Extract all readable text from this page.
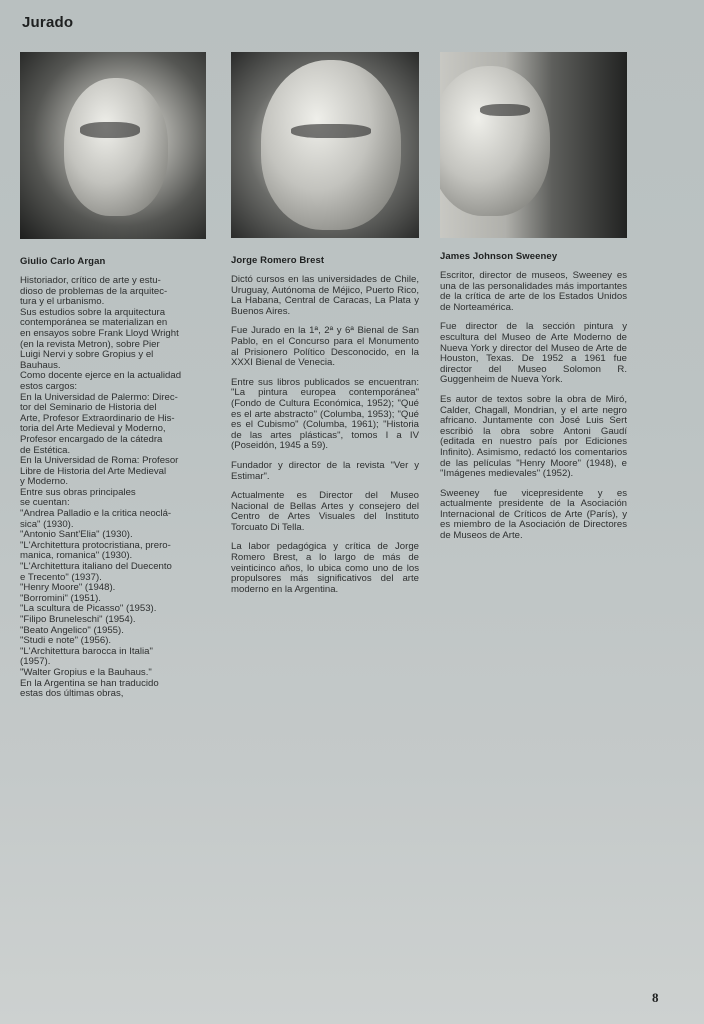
Jurado
Giulio Carlo Argan
Historiador, crítico de arte y estu-
dioso de problemas de la arquitec-
tura y el urbanismo.
Sus estudios sobre la arquitectura
contemporánea se materializan en
en ensayos sobre Frank Lloyd Wright
(en la revista Metron), sobre Pier
Luigi Nervi y sobre Gropius y el
Bauhaus.
Como docente ejerce en la actualidad
estos cargos:
En la Universidad de Palermo: Direc-
tor del Seminario de Historia del
Arte, Profesor Extraordinario de His-
toria del Arte Medieval y Moderno,
Profesor encargado de la cátedra
de Estética.
En la Universidad de Roma: Profesor
Libre de Historia del Arte Medieval
y Moderno.
Entre sus obras principales
se cuentan:
"Andrea Palladio e la critica neoclá-
sica" (1930).
"Antonio Sant'Elia" (1930).
"L'Architettura protocristiana, prero-
manica, romanica" (1930).
"L'Architettura italiano del Duecento
e Trecento" (1937).
"Henry Moore" (1948).
"Borromini" (1951).
"La scultura de Picasso" (1953).
"Filipo Bruneleschi" (1954).
"Beato Angelico" (1955).
"Studi e note" (1956).
"L'Architettura barocca in Italia"
(1957).
"Walter Gropius e la Bauhaus."
En la Argentina se han traducido
estas dos últimas obras,
Jorge Romero Brest

Dictó cursos en las universidades de Chile, Uruguay, Autónoma de Méjico, Puerto Rico, La Habana, Central de Caracas, La Plata y Buenos Aires.

Fue Jurado en la 1ª, 2ª y 6ª Bienal de San Pablo, en el Concurso para el Monumento al Prisionero Político Desconocido, en la XXXI Bienal de Venecia.

Entre sus libros publicados se encuentran: "La pintura europea contemporánea" (Fondo de Cultura Económica, 1952); "Qué es el arte abstracto" (Columba, 1953); "Qué es el Cubismo" (Columba, 1961); "Historia de las artes plásticas", tomos I a IV (Poseidón, 1945 a 59).

Fundador y director de la revista "Ver y Estimar".

Actualmente es Director del Museo Nacional de Bellas Artes y consejero del Centro de Artes Visuales del Instituto Torcuato Di Tella.

La labor pedagógica y crítica de Jorge Romero Brest, a lo largo de más de veinticinco años, lo ubica como uno de los propulsores más significativos del arte moderno en la Argentina.

James Johnson Sweeney

Escritor, director de museos, Sweeney es una de las personalidades más importantes de la crítica de arte de los Estados Unidos de Norteamérica.

Fue director de la sección pintura y escultura del Museo de Arte Moderno de Nueva York y director del Museo de Arte de Houston, Texas. De 1952 a 1961 fue director del Museo Solomon R. Guggenheim de Nueva York.

Es autor de textos sobre la obra de Miró, Calder, Chagall, Mondrian, y el arte negro africano. Juntamente con José Luis Sert escribió la obra sobre Antoni Gaudí (editada en nuestro país por Ediciones Infinito). Asimismo, redactó los comentarios de las películas "Henry Moore" (1948), e "Imágenes medievales" (1952).

Sweeney fue vicepresidente y es actualmente presidente de la Asociación Internacional de Críticos de Arte (París), y es miembro de la Asociación de Directores de Museos de Arte.

8
